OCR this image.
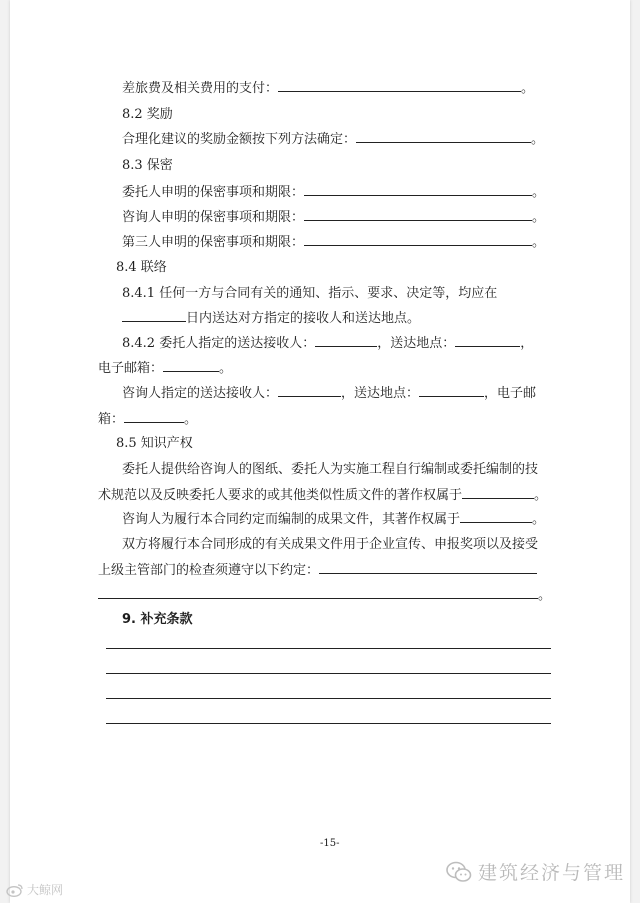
差旅费及相关费用的支付：	。
8.2 奖励
合理化建议的奖励金额按下列方法确定：	。
8.3 保密
委托人申明的保密事项和期限：	。
咨询人申明的保密事项和期限：	。
第三人申明的保密事项和期限：	。
8.4 联络
8.4.1 任何一方与合同有关的通知、指示、要求、决定等，均应在
日内送达对方指定的接收人和送达地点。
8.4.2 委托人指定的送达接收人：	，送达地点：	，
电子邮箱：	。
咨询人指定的送达接收人：	，送达地点：	，电子邮
箱：	。
8.5 知识产权
委托人提供给咨询人的图纸、委托人为实施工程自行编制或委托编制的技
术规范以及反映委托人要求的或其他类似性质文件的著作权属于	。
咨询人为履行本合同约定而编制的成果文件，其著作权属于	。
双方将履行本合同形成的有关成果文件用于企业宣传、申报奖项以及接受
上级主管部门的检查须遵守以下约定：
。
9. 补充条款
-15-
建筑经济与管理
大鲸网
